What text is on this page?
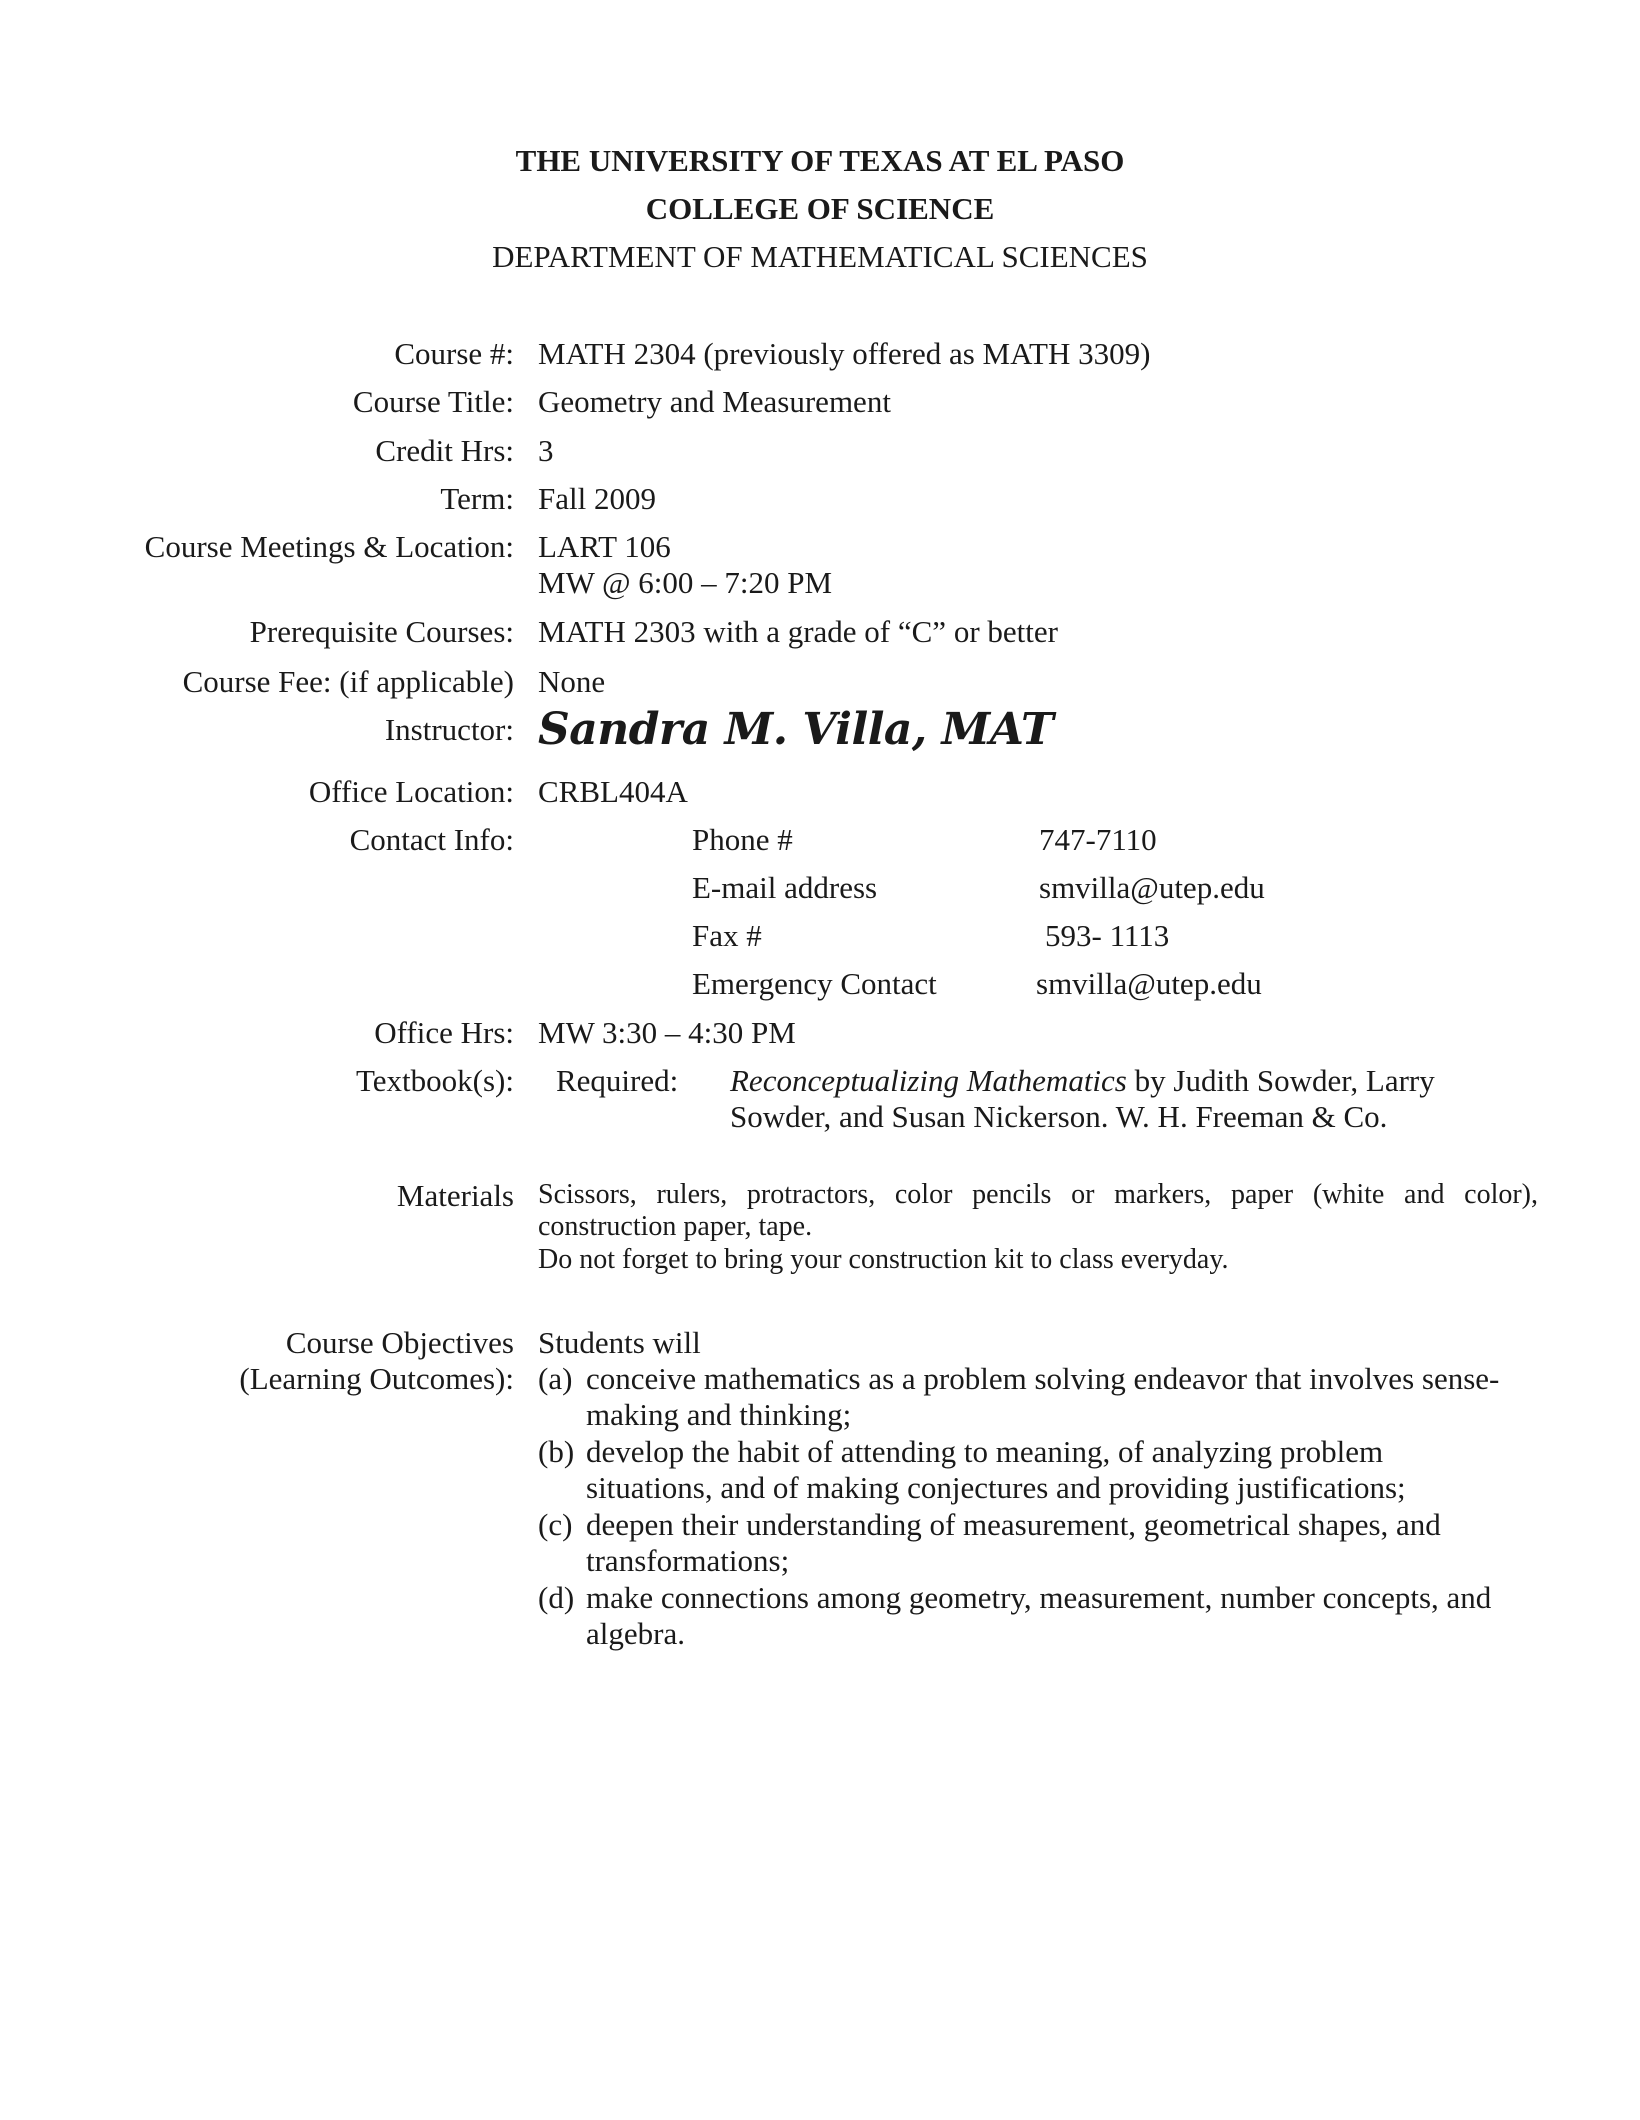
THE UNIVERSITY OF TEXAS AT EL PASO
COLLEGE OF SCIENCE
DEPARTMENT OF MATHEMATICAL SCIENCES
Course #: MATH 2304 (previously offered as MATH 3309)
Course Title: Geometry and Measurement
Credit Hrs: 3
Term: Fall 2009
Course Meetings & Location: LART 106
MW @ 6:00 – 7:20 PM
Prerequisite Courses: MATH 2303 with a grade of “C” or better
Course Fee: (if applicable) None
Instructor: Sandra M. Villa, MAT
Office Location: CRBL404A
Contact Info:	Phone #	747-7110
E-mail address	smvilla@utep.edu
Fax #	593- 1113
Emergency Contact	smvilla@utep.edu
Office Hrs: MW 3:30 – 4:30 PM
Textbook(s): Required: Reconceptualizing Mathematics by Judith Sowder, Larry
Sowder, and Susan Nickerson. W. H. Freeman & Co.
Materials Scissors, rulers, protractors, color pencils or markers, paper (white and color),
construction paper, tape.
Do not forget to bring your construction kit to class everyday.
Course Objectives
(Learning Outcomes):
Students will
(a) conceive mathematics as a problem solving endeavor that involves sense-
making and thinking;
(b) develop the habit of attending to meaning, of analyzing problem
situations, and of making conjectures and providing justifications;
(c) deepen their understanding of measurement, geometrical shapes, and
transformations;
(d) make connections among geometry, measurement, number concepts, and
algebra.
